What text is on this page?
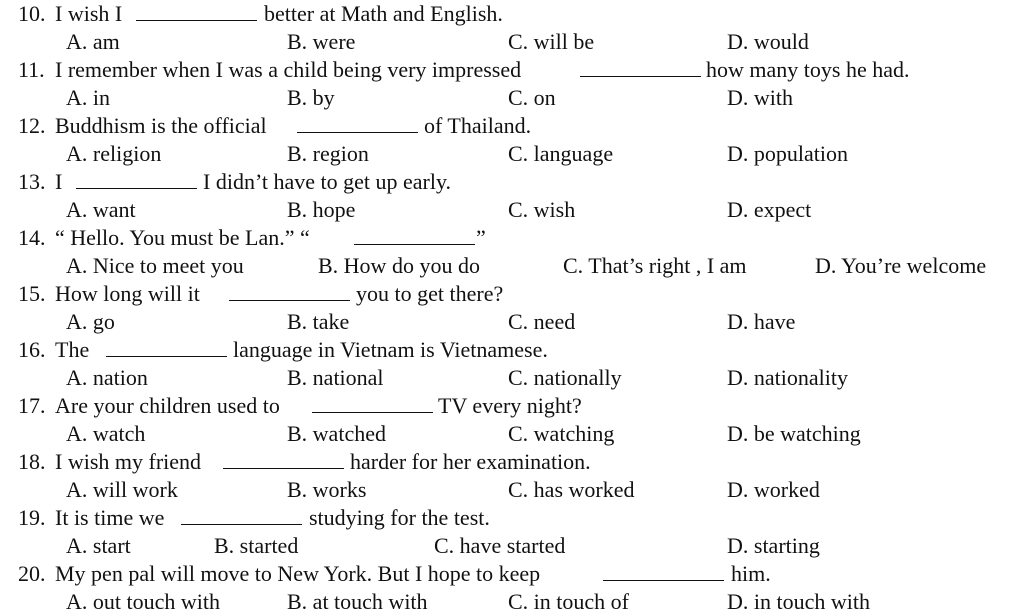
10. I wish I	better at Math and English.
A. am	B. were	C. will be	D. would
11. I remember when I was a child being very impressed	how many toys he had.
A. in	B. by	C. on	D. with
12. Buddhism is the official	of Thailand.
A. religion	B. region	C. language	D. population
13. I	I didn’t have to get up early.
A. want	B. hope	C. wish	D. expect
14. “ Hello. You must be Lan.” “	”
A. Nice to meet you	B. How do you do	C. That’s right , I am	D. You’re welcome
15. How long will it	you to get there?
A. go	B. take	C. need	D. have
16. The	language in Vietnam is Vietnamese.
A. nation	B. national	C. nationally	D. nationality
17. Are your children used to	TV every night?
A. watch	B. watched	C. watching	D. be watching
18. I wish my friend	harder for her examination.
A. will work	B. works	C. has worked	D. worked
19. It is time we	studying for the test.
A. start	B. started	C. have started	D. starting
20. My pen pal will move to New York. But I hope to keep	him.
A. out touch with	B. at touch with	C. in touch of	D. in touch with
